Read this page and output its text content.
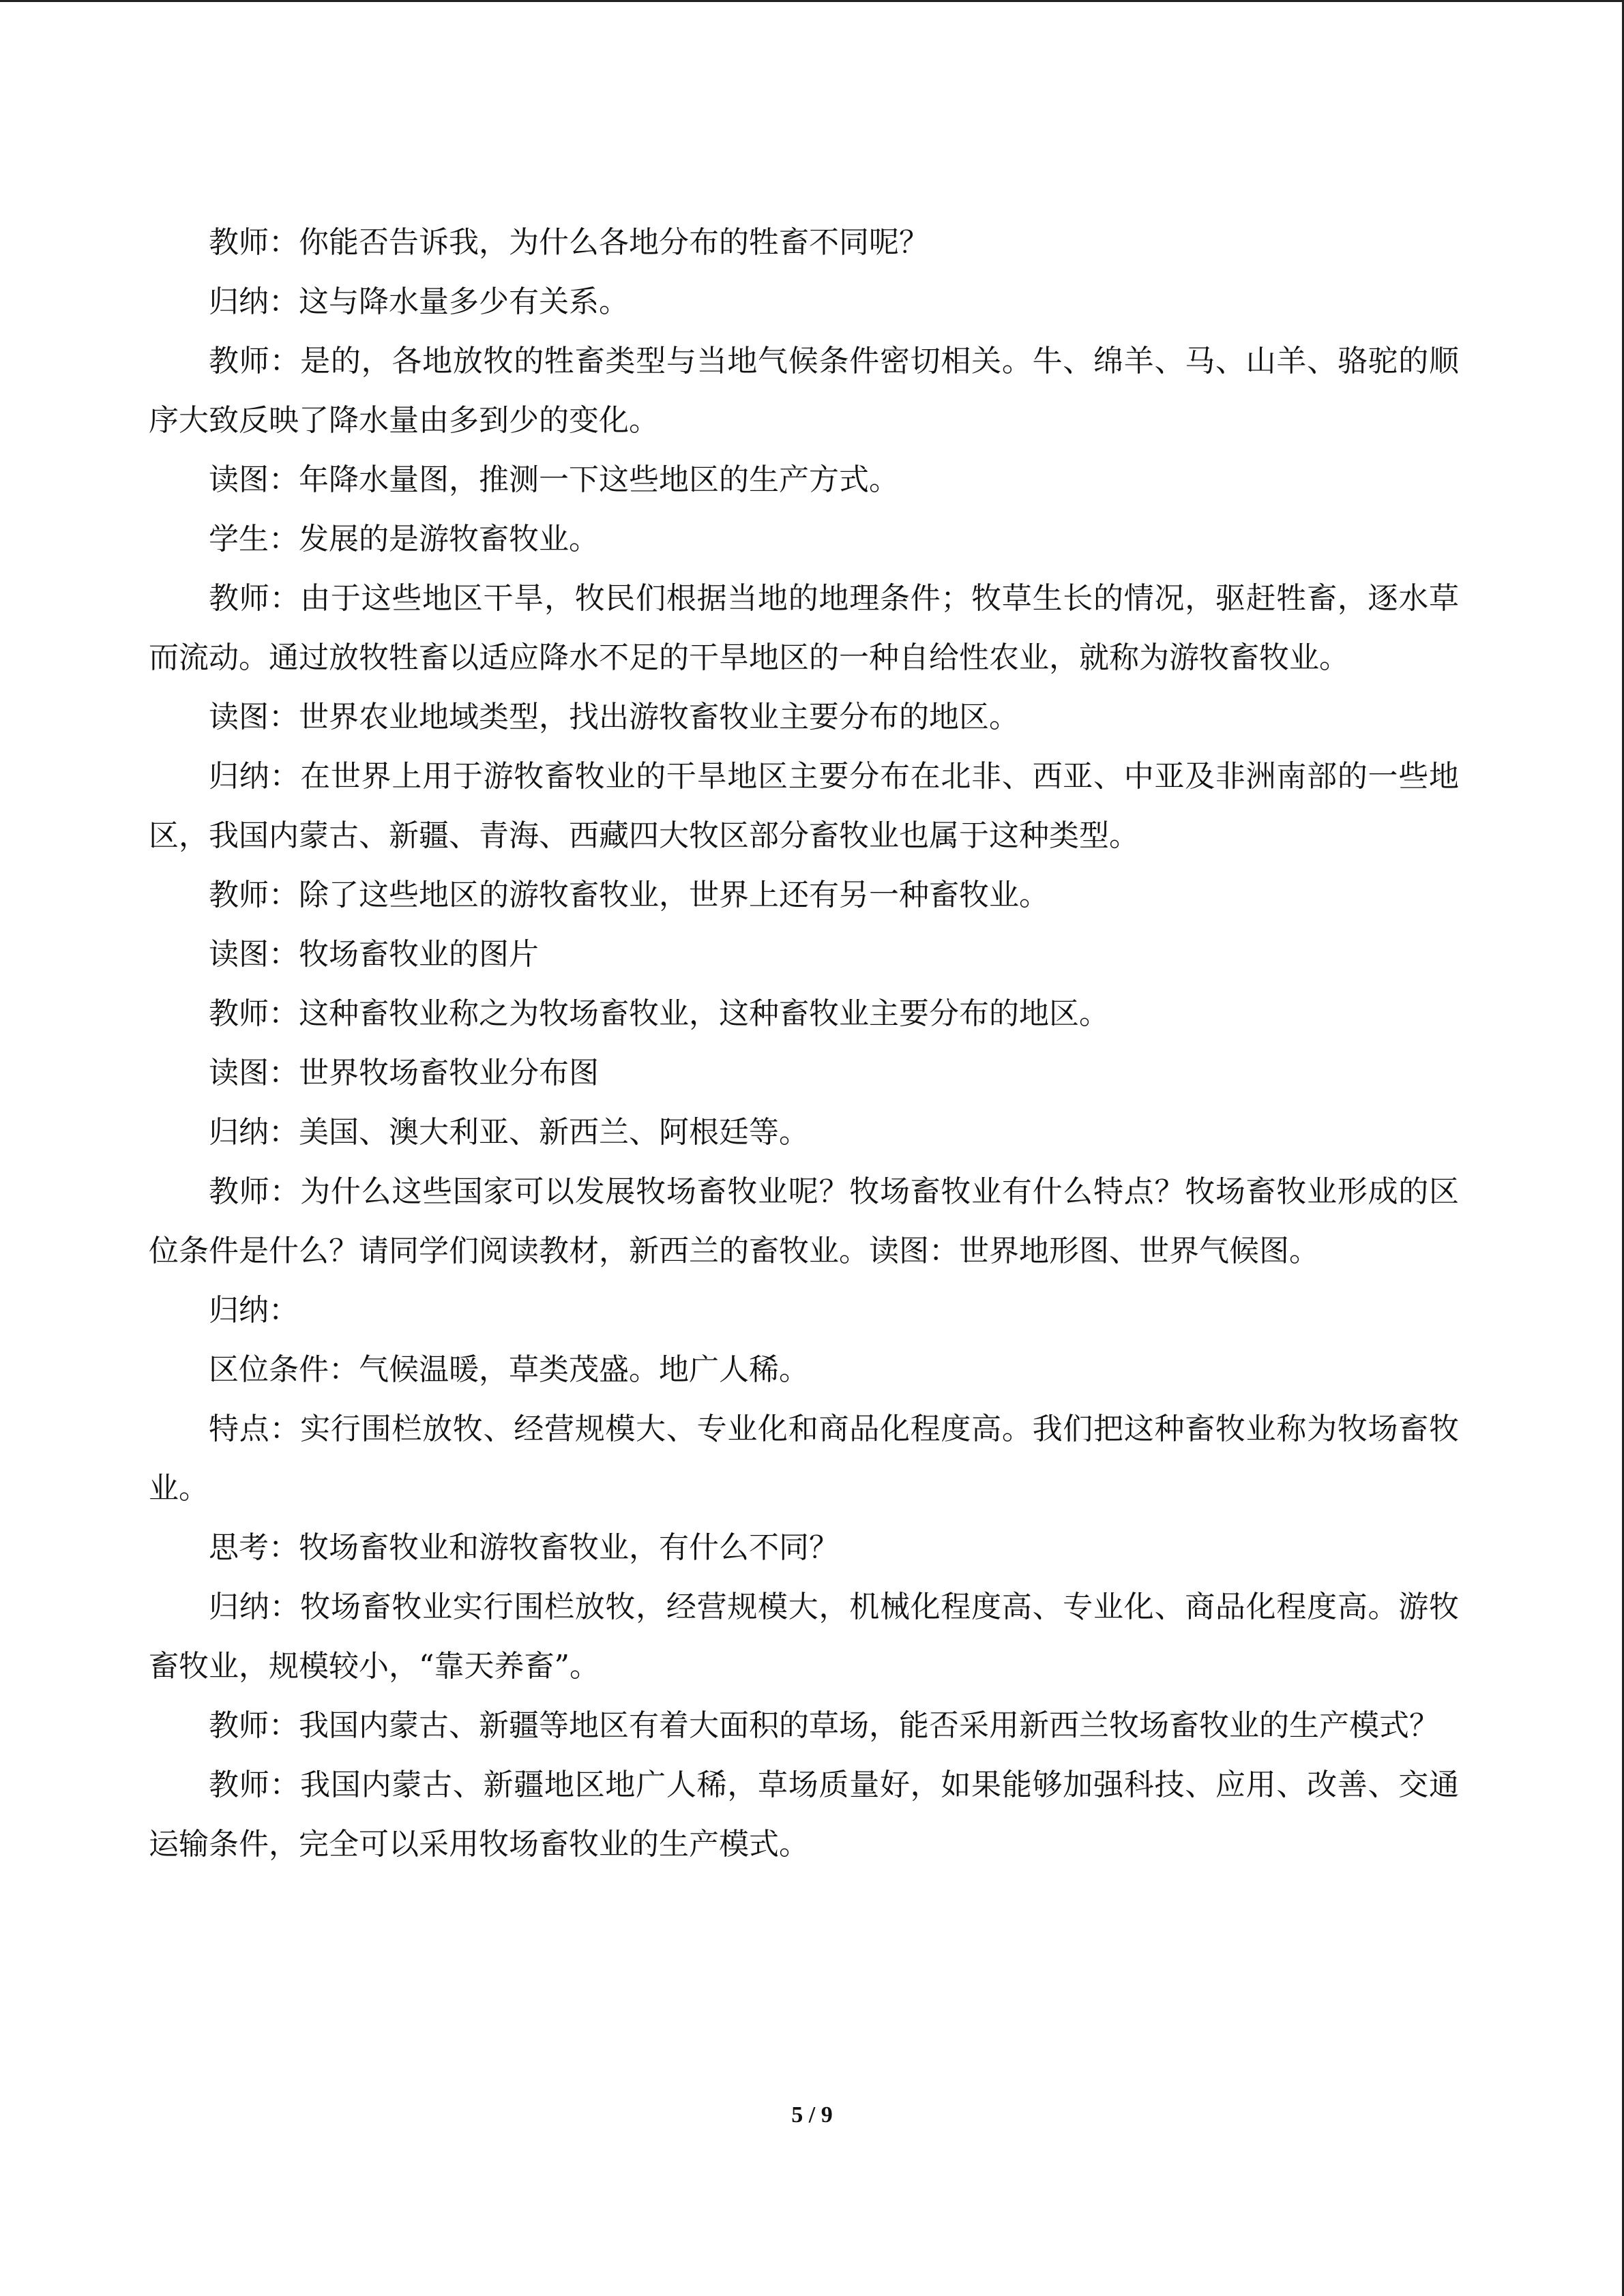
教师：你能否告诉我，为什么各地分布的牲畜不同呢？

归纳：这与降水量多少有关系。

教师：是的，各地放牧的牲畜类型与当地气候条件密切相关。牛、绵羊、马、山羊、骆驼的顺序大致反映了降水量由多到少的变化。

读图：年降水量图，推测一下这些地区的生产方式。

学生：发展的是游牧畜牧业。

教师：由于这些地区干旱，牧民们根据当地的地理条件；牧草生长的情况，驱赶牲畜，逐水草而流动。通过放牧牲畜以适应降水不足的干旱地区的一种自给性农业，就称为游牧畜牧业。

读图：世界农业地域类型，找出游牧畜牧业主要分布的地区。

归纳：在世界上用于游牧畜牧业的干旱地区主要分布在北非、西亚、中亚及非洲南部的一些地区，我国内蒙古、新疆、青海、西藏四大牧区部分畜牧业也属于这种类型。

教师：除了这些地区的游牧畜牧业，世界上还有另一种畜牧业。

读图：牧场畜牧业的图片

教师：这种畜牧业称之为牧场畜牧业，这种畜牧业主要分布的地区。

读图：世界牧场畜牧业分布图

归纳：美国、澳大利亚、新西兰、阿根廷等。

教师：为什么这些国家可以发展牧场畜牧业呢？牧场畜牧业有什么特点？牧场畜牧业形成的区位条件是什么？请同学们阅读教材，新西兰的畜牧业。读图：世界地形图、世界气候图。

归纳：

区位条件：气候温暖，草类茂盛。地广人稀。

特点：实行围栏放牧、经营规模大、专业化和商品化程度高。我们把这种畜牧业称为牧场畜牧业。

思考：牧场畜牧业和游牧畜牧业，有什么不同？

归纳：牧场畜牧业实行围栏放牧，经营规模大，机械化程度高、专业化、商品化程度高。游牧畜牧业，规模较小，“靠天养畜”。

教师：我国内蒙古、新疆等地区有着大面积的草场，能否采用新西兰牧场畜牧业的生产模式？

教师：我国内蒙古、新疆地区地广人稀，草场质量好，如果能够加强科技、应用、改善、交通运输条件，完全可以采用牧场畜牧业的生产模式。

5 / 9
